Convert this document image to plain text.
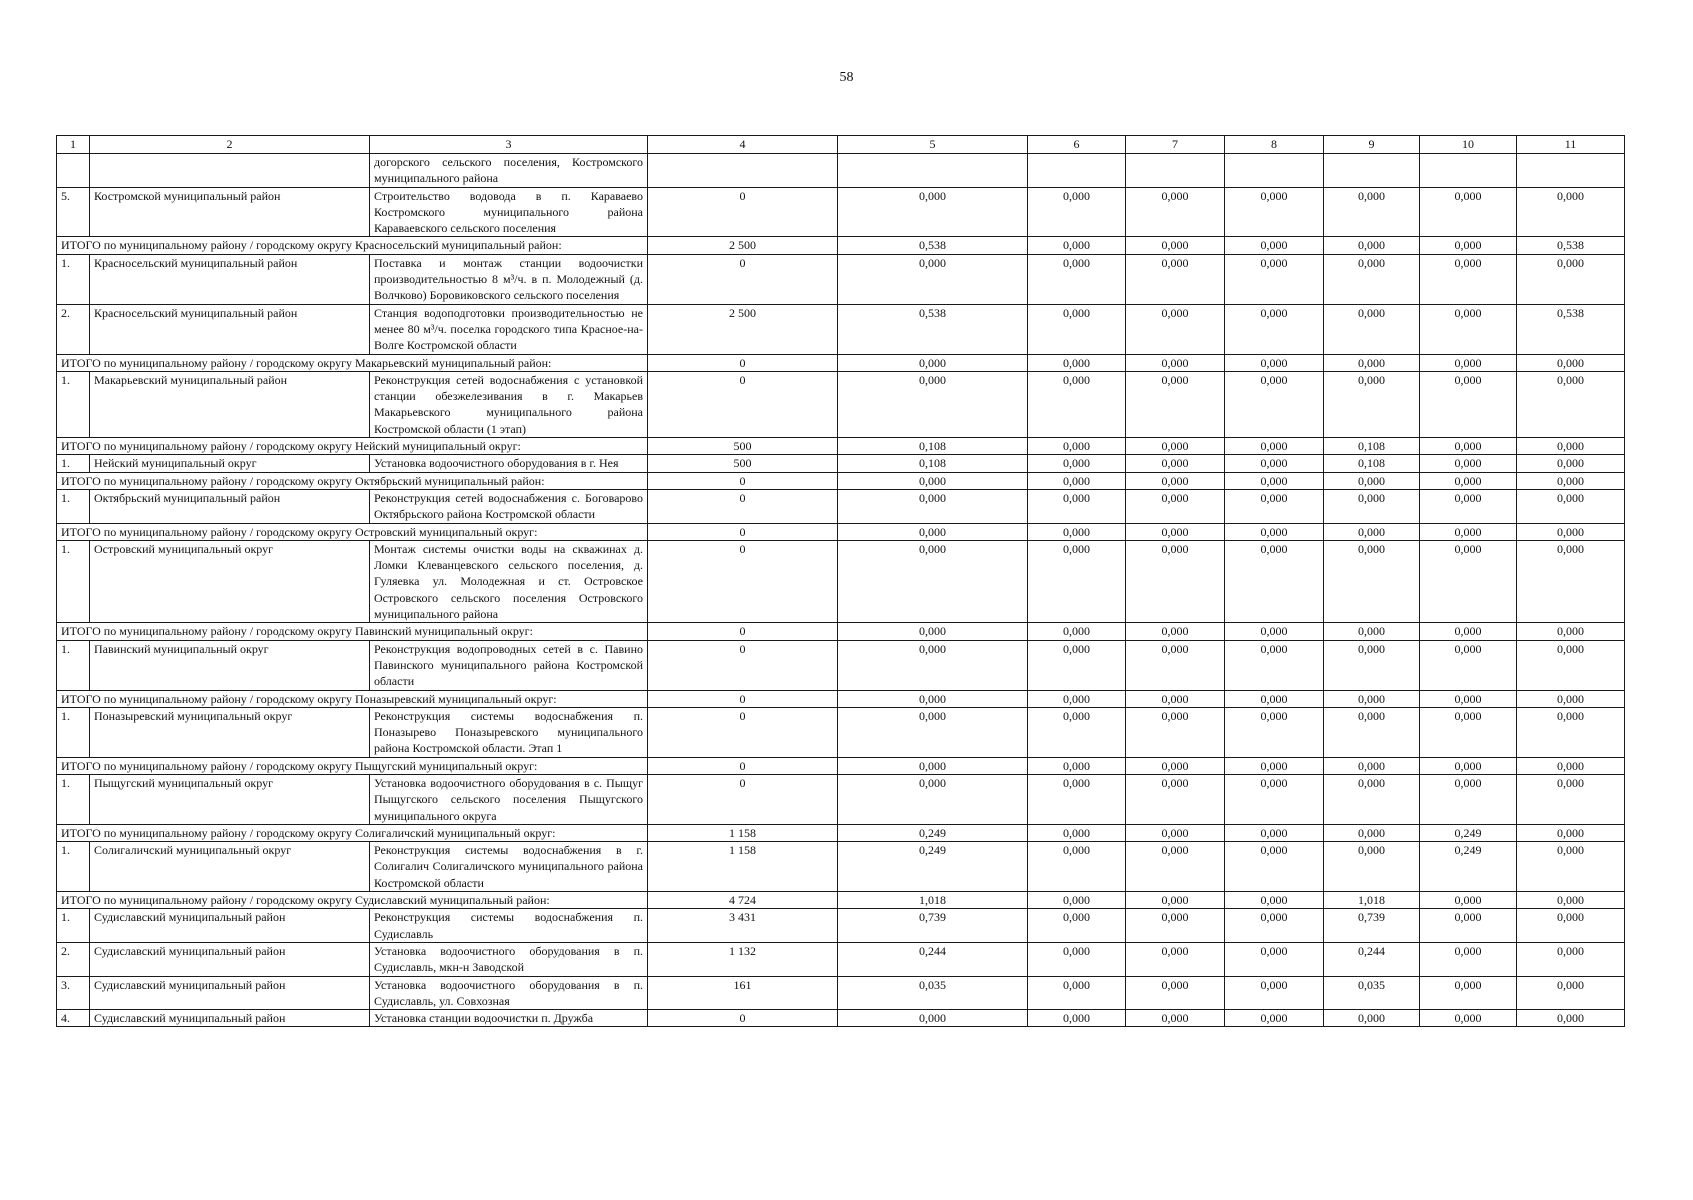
58
1	2	3	4	5	6	7	8	9	10	11
		догорского сельского поселения, Костромского муниципального района								
5.	Костромской муниципальный район	Строительство водовода в п. Караваево Костромского муниципального района Караваевского сельского поселения	0	0,000	0,000	0,000	0,000	0,000	0,000	0,000
ИТОГО по муниципальному району / городскому округу Красносельский муниципальный район:			2 500	0,538	0,000	0,000	0,000	0,000	0,000	0,538
1.	Красносельский муниципальный район	Поставка и монтаж станции водоочистки производительностью 8 м³/ч. в п. Молодежный (д. Волчково) Боровиковского сельского поселения	0	0,000	0,000	0,000	0,000	0,000	0,000	0,000
2.	Красносельский муниципальный район	Станция водоподготовки производительностью не менее 80 м³/ч. поселка городского типа Красное-на-Волге Костромской области	2 500	0,538	0,000	0,000	0,000	0,000	0,000	0,538
ИТОГО по муниципальному району / городскому округу Макарьевский муниципальный район:			0	0,000	0,000	0,000	0,000	0,000	0,000	0,000
1.	Макарьевский муниципальный район	Реконструкция сетей водоснабжения с установкой станции обезжелезивания в г. Макарьев Макарьевского муниципального района Костромской области (1 этап)	0	0,000	0,000	0,000	0,000	0,000	0,000	0,000
ИТОГО по муниципальному району / городскому округу Нейский муниципальный округ:			500	0,108	0,000	0,000	0,000	0,108	0,000	0,000
1.	Нейский муниципальный округ	Установка водоочистного оборудования в г. Нея	500	0,108	0,000	0,000	0,000	0,108	0,000	0,000
ИТОГО по муниципальному району / городскому округу Октябрьский муниципальный район:			0	0,000	0,000	0,000	0,000	0,000	0,000	0,000
1.	Октябрьский муниципальный район	Реконструкция сетей водоснабжения с. Боговарово Октябрьского района Костромской области	0	0,000	0,000	0,000	0,000	0,000	0,000	0,000
ИТОГО по муниципальному району / городскому округу Островский муниципальный округ:			0	0,000	0,000	0,000	0,000	0,000	0,000	0,000
1.	Островский муниципальный округ	Монтаж системы очистки воды на скважинах д. Ломки Клеванцевского сельского поселения, д. Гуляевка ул. Молодежная и ст. Островское Островского сельского поселения Островского муниципального района	0	0,000	0,000	0,000	0,000	0,000	0,000	0,000
ИТОГО по муниципальному району / городскому округу Павинский муниципальный округ:			0	0,000	0,000	0,000	0,000	0,000	0,000	0,000
1.	Павинский муниципальный округ	Реконструкция водопроводных сетей в с. Павино Павинского муниципального района Костромской области	0	0,000	0,000	0,000	0,000	0,000	0,000	0,000
ИТОГО по муниципальному району / городскому округу Поназыревский муниципальный округ:			0	0,000	0,000	0,000	0,000	0,000	0,000	0,000
1.	Поназыревский муниципальный округ	Реконструкция системы водоснабжения п. Поназырево Поназыревского муниципального района Костромской области. Этап 1	0	0,000	0,000	0,000	0,000	0,000	0,000	0,000
ИТОГО по муниципальному району / городскому округу Пыщугский муниципальный округ:			0	0,000	0,000	0,000	0,000	0,000	0,000	0,000
1.	Пыщугский муниципальный округ	Установка водоочистного оборудования в с. Пыщуг Пыщугского сельского поселения Пыщугского муниципального округа	0	0,000	0,000	0,000	0,000	0,000	0,000	0,000
ИТОГО по муниципальному району / городскому округу Солигаличский муниципальный округ:			1 158	0,249	0,000	0,000	0,000	0,000	0,249	0,000
1.	Солигаличский муниципальный округ	Реконструкция системы водоснабжения в г. Солигалич Солигаличского муниципального района Костромской области	1 158	0,249	0,000	0,000	0,000	0,000	0,249	0,000
ИТОГО по муниципальному району / городскому округу Судиславский муниципальный район:			4 724	1,018	0,000	0,000	0,000	1,018	0,000	0,000
1.	Судиславский муниципальный район	Реконструкция системы водоснабжения п. Судиславль	3 431	0,739	0,000	0,000	0,000	0,739	0,000	0,000
2.	Судиславский муниципальный район	Установка водоочистного оборудования в п. Судиславль, мкн-н Заводской	1 132	0,244	0,000	0,000	0,000	0,244	0,000	0,000
3.	Судиславский муниципальный район	Установка водоочистного оборудования в п. Судиславль, ул. Совхозная	161	0,035	0,000	0,000	0,000	0,035	0,000	0,000
4.	Судиславский муниципальный район	Установка станции водоочистки п. Дружба	0	0,000	0,000	0,000	0,000	0,000	0,000	0,000
